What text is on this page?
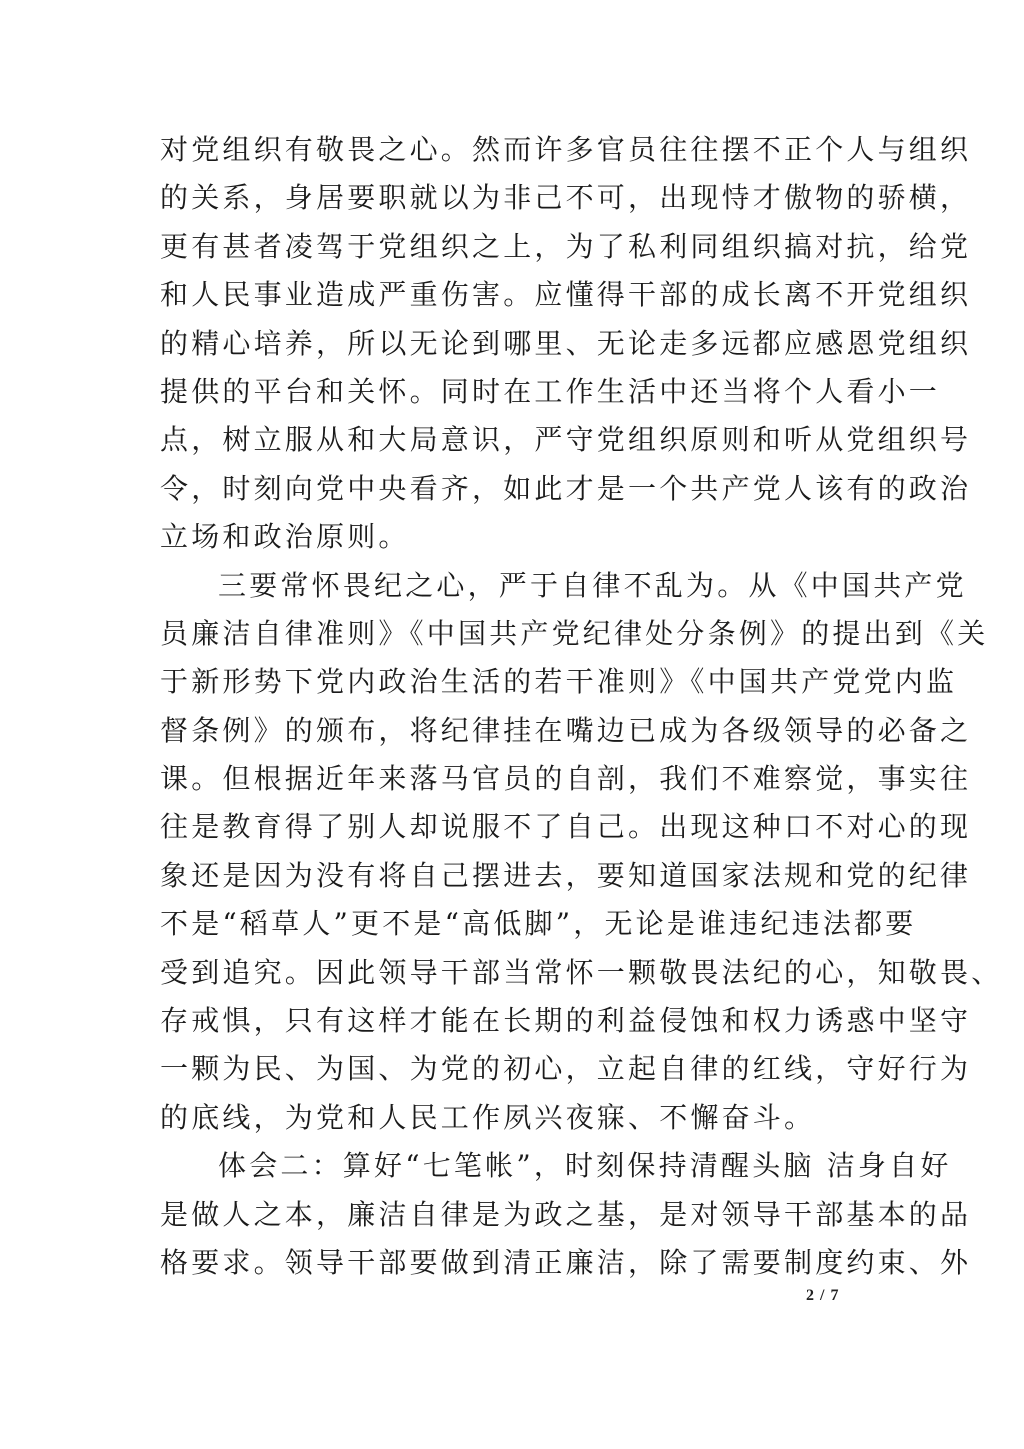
对党组织有敬畏之心。然而许多官员往往摆不正个人与组织
的关系，身居要职就以为非己不可，出现恃才傲物的骄横，
更有甚者凌驾于党组织之上，为了私利同组织搞对抗，给党
和人民事业造成严重伤害。应懂得干部的成长离不开党组织
的精心培养，所以无论到哪里、无论走多远都应感恩党组织
提供的平台和关怀。同时在工作生活中还当将个人看小一
点，树立服从和大局意识，严守党组织原则和听从党组织号
令，时刻向党中央看齐，如此才是一个共产党人该有的政治
立场和政治原则。
三要常怀畏纪之心，严于自律不乱为。从《中国共产党
员廉洁自律准则》《中国共产党纪律处分条例》的提出到《关
于新形势下党内政治生活的若干准则》《中国共产党党内监
督条例》的颁布，将纪律挂在嘴边已成为各级领导的必备之
课。但根据近年来落马官员的自剖，我们不难察觉，事实往
往是教育得了别人却说服不了自己。出现这种口不对心的现
象还是因为没有将自己摆进去，要知道国家法规和党的纪律
不是“稻草人”更不是“高低脚”，无论是谁违纪违法都要
受到追究。因此领导干部当常怀一颗敬畏法纪的心，知敬畏、
存戒惧，只有这样才能在长期的利益侵蚀和权力诱惑中坚守
一颗为民、为国、为党的初心，立起自律的红线，守好行为
的底线，为党和人民工作夙兴夜寐、不懈奋斗。
体会二：算好“七笔帐”，时刻保持清醒头脑 洁身自好
是做人之本，廉洁自律是为政之基，是对领导干部基本的品
格要求。领导干部要做到清正廉洁，除了需要制度约束、外
2 / 7
